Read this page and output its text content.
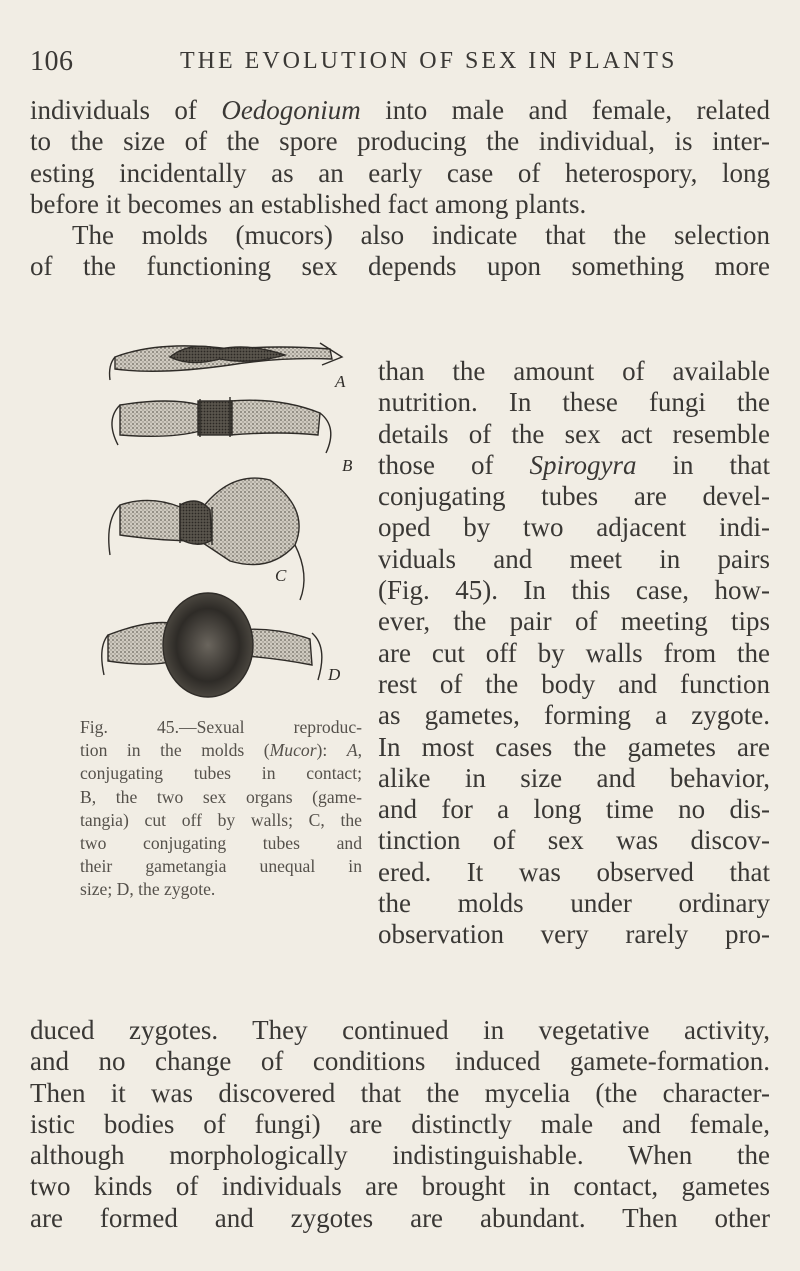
106	THE EVOLUTION OF SEX IN PLANTS
individuals of Oedogonium into male and female, related
to the size of the spore producing the individual, is inter-
esting incidentally as an early case of heterospory, long
before it becomes an established fact among plants.
The molds (mucors) also indicate that the selection
of the functioning sex depends upon something more
A
B
C
D
Fig. 45.—Sexual reproduc-
tion in the molds (Mucor): A,
conjugating tubes in contact;
B, the two sex organs (game-
tangia) cut off by walls; C, the
two conjugating tubes and
their gametangia unequal in
size; D, the zygote.
than the amount of available
nutrition. In these fungi the
details of the sex act resemble
those of Spirogyra in that
conjugating tubes are devel-
oped by two adjacent indi-
viduals and meet in pairs
(Fig. 45). In this case, how-
ever, the pair of meeting tips
are cut off by walls from the
rest of the body and function
as gametes, forming a zygote.
In most cases the gametes are
alike in size and behavior,
and for a long time no dis-
tinction of sex was discov-
ered. It was observed that
the molds under ordinary
observation very rarely pro-
duced zygotes. They continued in vegetative activity,
and no change of conditions induced gamete-formation.
Then it was discovered that the mycelia (the character-
istic bodies of fungi) are distinctly male and female,
although morphologically indistinguishable. When the
two kinds of individuals are brought in contact, gametes
are formed and zygotes are abundant. Then other
